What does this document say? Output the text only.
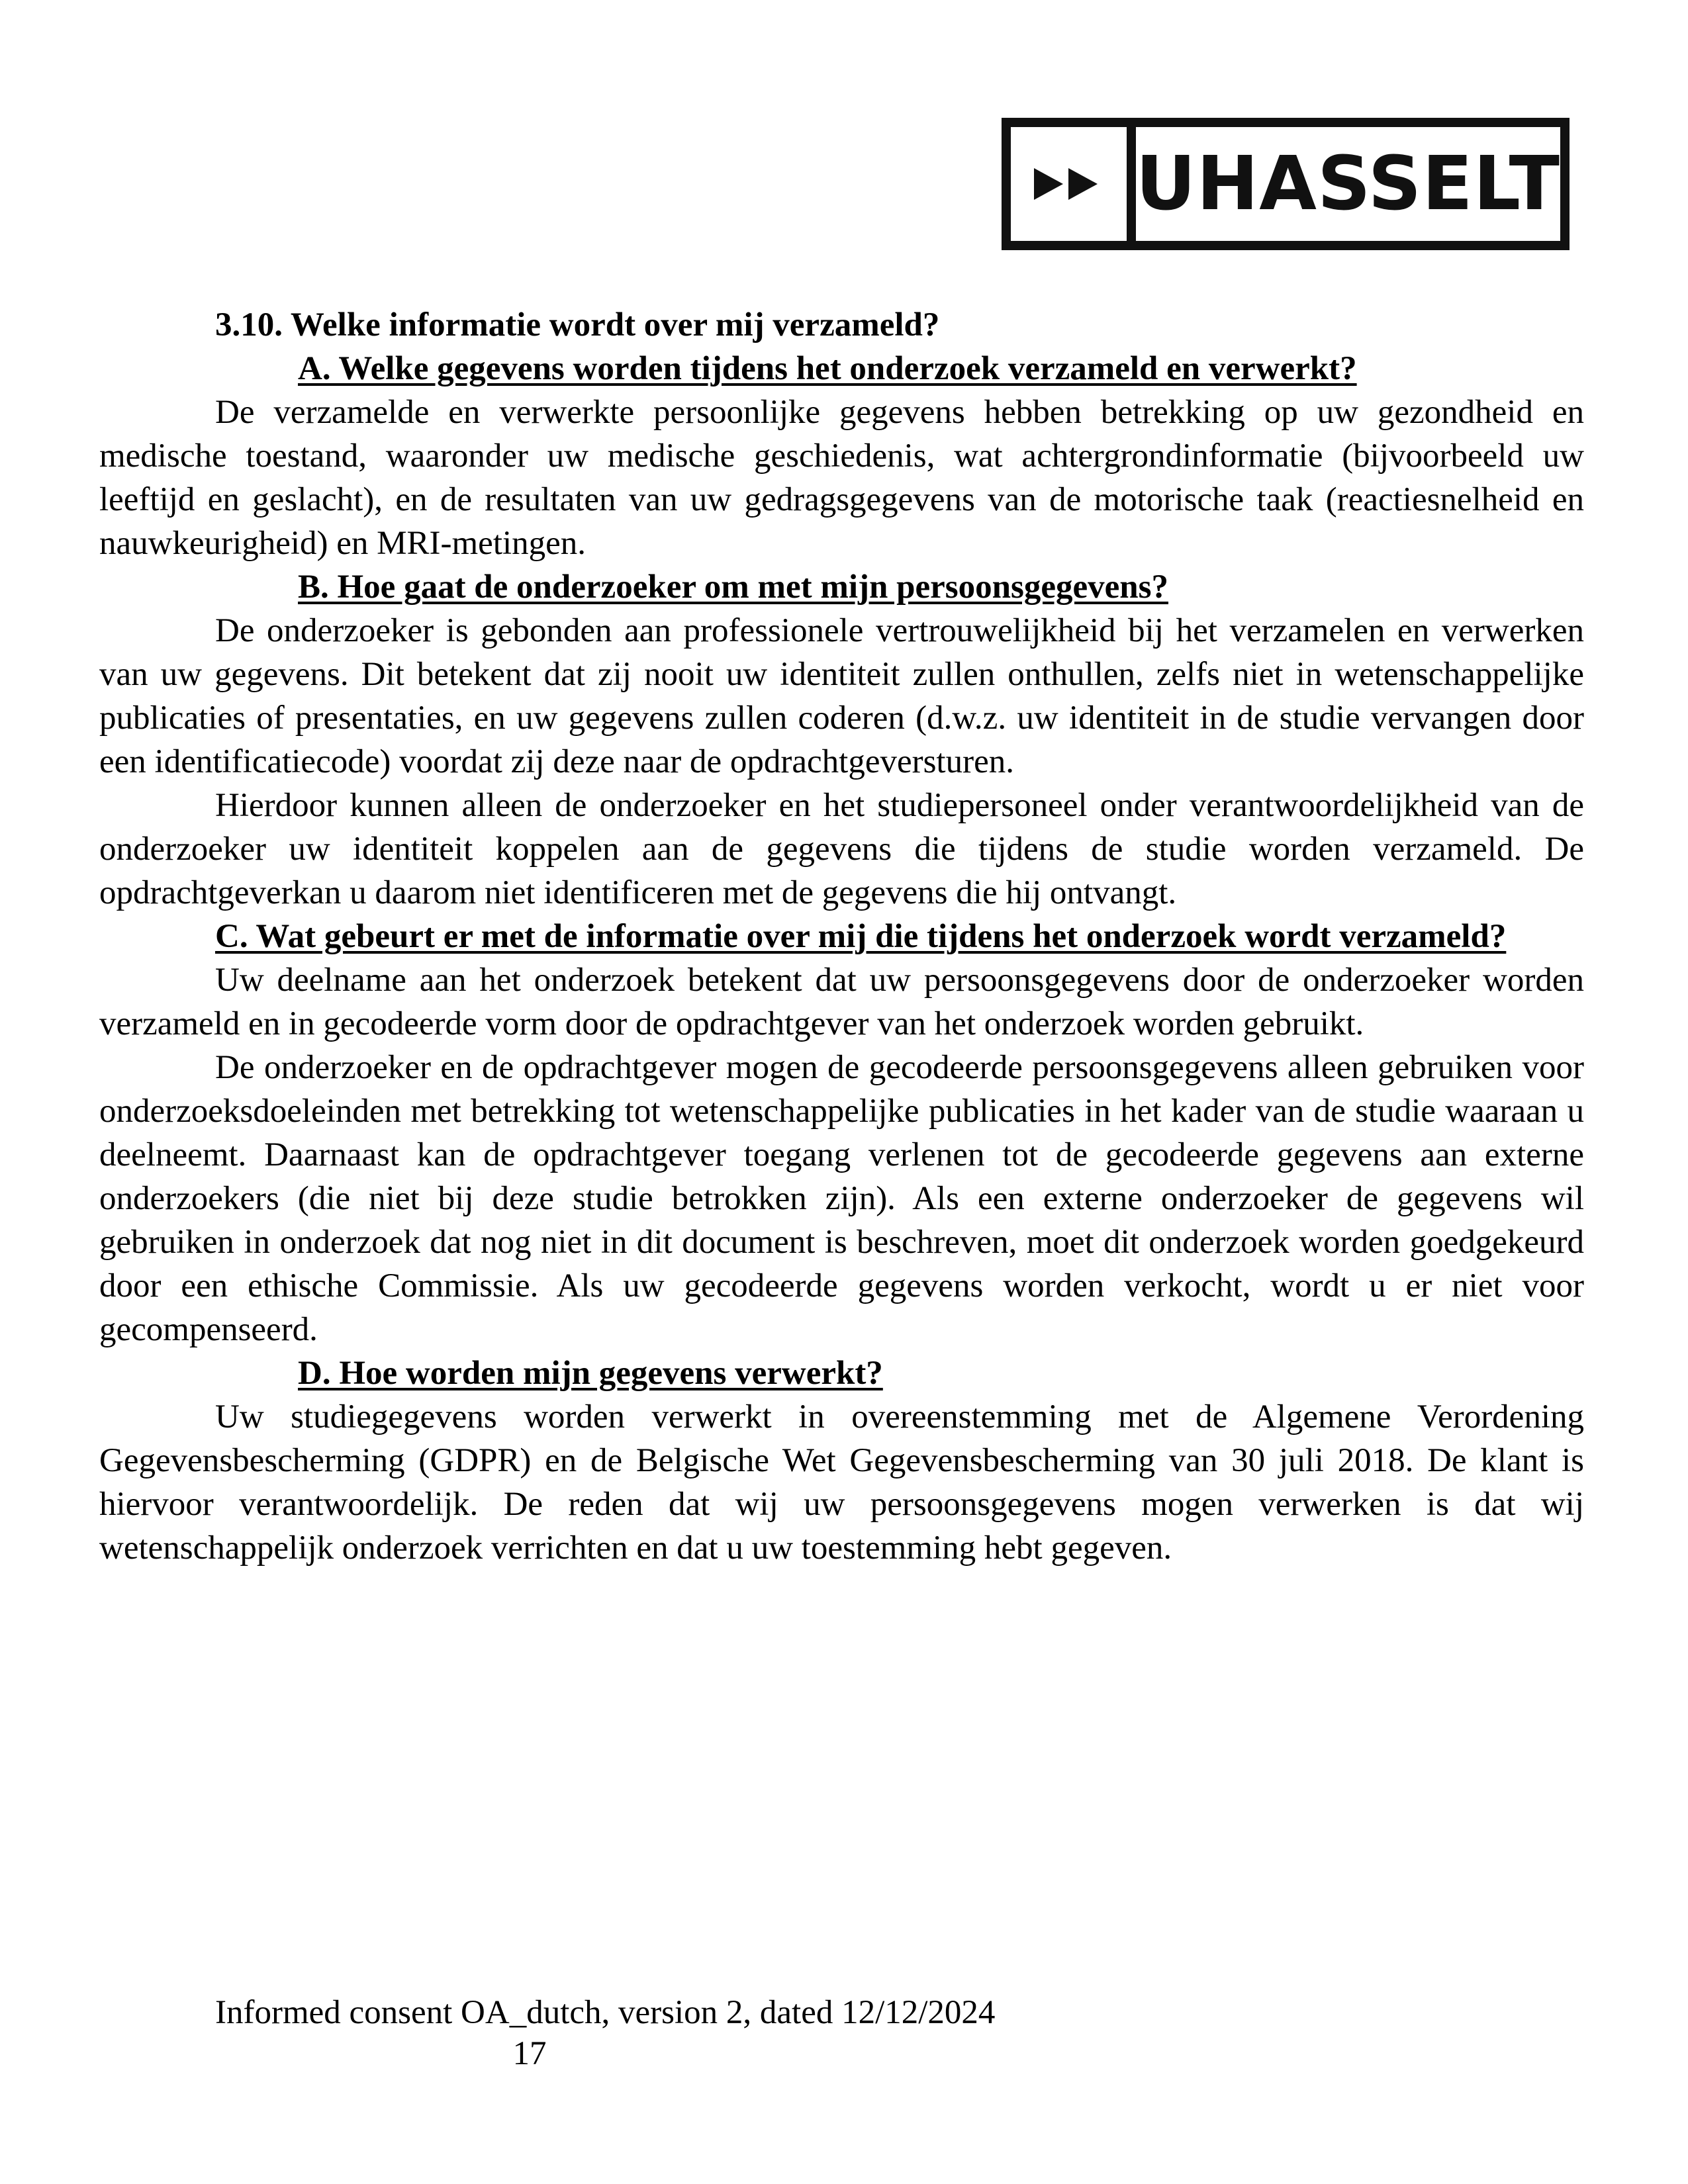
UHASSELT
3.10. Welke informatie wordt over mij verzameld?
A. Welke gegevens worden tijdens het onderzoek verzameld en verwerkt?

De verzamelde en verwerkte persoonlijke gegevens hebben betrekking op uw gezondheid en medische toestand, waaronder uw medische geschiedenis, wat achtergrondinformatie (bijvoorbeeld uw leeftijd en geslacht), en de resultaten van uw gedragsgegevens van de motorische taak (reactiesnelheid en nauwkeurigheid) en MRI-metingen.

B. Hoe gaat de onderzoeker om met mijn persoonsgegevens?

De onderzoeker is gebonden aan professionele vertrouwelijkheid bij het verzamelen en verwerken van uw gegevens. Dit betekent dat zij nooit uw identiteit zullen onthullen, zelfs niet in wetenschappelijke publicaties of presentaties, en uw gegevens zullen coderen (d.w.z. uw identiteit in de studie vervangen door een identificatiecode) voordat zij deze naar de opdrachtgeversturen.

Hierdoor kunnen alleen de onderzoeker en het studiepersoneel onder verantwoordelijkheid van de onderzoeker uw identiteit koppelen aan de gegevens die tijdens de studie worden verzameld. De opdrachtgeverkan u daarom niet identificeren met de gegevens die hij ontvangt.

C. Wat gebeurt er met de informatie over mij die tijdens het onderzoek wordt verzameld?

Uw deelname aan het onderzoek betekent dat uw persoonsgegevens door de onderzoeker worden verzameld en in gecodeerde vorm door de opdrachtgever van het onderzoek worden gebruikt.

De onderzoeker en de opdrachtgever mogen de gecodeerde persoonsgegevens alleen gebruiken voor onderzoeksdoeleinden met betrekking tot wetenschappelijke publicaties in het kader van de studie waaraan u deelneemt. Daarnaast kan de opdrachtgever toegang verlenen tot de gecodeerde gegevens aan externe onderzoekers (die niet bij deze studie betrokken zijn). Als een externe onderzoeker de gegevens wil gebruiken in onderzoek dat nog niet in dit document is beschreven, moet dit onderzoek worden goedgekeurd door een ethische Commissie. Als uw gecodeerde gegevens worden verkocht, wordt u er niet voor gecompenseerd.

D. Hoe worden mijn gegevens verwerkt?

Uw studiegegevens worden verwerkt in overeenstemming met de Algemene Verordening Gegevensbescherming (GDPR) en de Belgische Wet Gegevensbescherming van 30 juli 2018. De klant is hiervoor verantwoordelijk. De reden dat wij uw persoonsgegevens mogen verwerken is dat wij wetenschappelijk onderzoek verrichten en dat u uw toestemming hebt gegeven.

Informed consent OA_dutch, version 2, dated 12/12/2024
17
